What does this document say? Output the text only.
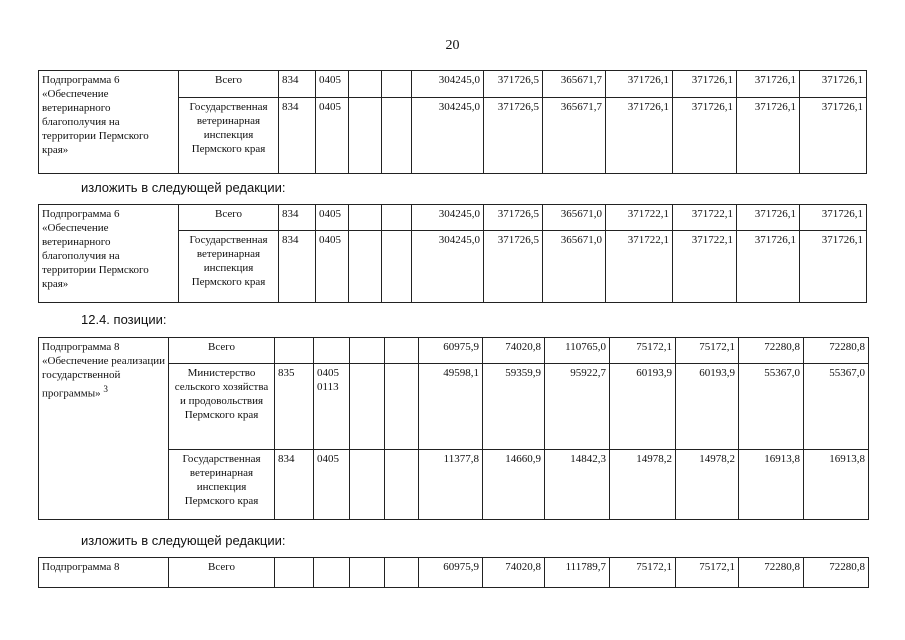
20
Подпрограмма 6 «Обеспечение ветеринарного благополучия на территории Пермского края»	Всего	834	0405			304245,0	371726,5	365671,7	371726,1	371726,1	371726,1	371726,1
	Государственная ветеринарная инспекция Пермского края	834	0405			304245,0	371726,5	365671,7	371726,1	371726,1	371726,1	371726,1
изложить в следующей редакции:
Подпрограмма 6 «Обеспечение ветеринарного благополучия на территории Пермского края»	Всего	834	0405			304245,0	371726,5	365671,0	371722,1	371722,1	371726,1	371726,1
	Государственная ветеринарная инспекция Пермского края	834	0405			304245,0	371726,5	365671,0	371722,1	371722,1	371726,1	371726,1
12.4. позиции:
Подпрограмма 8 «Обеспечение реализации государственной программы» $^3$	Всего					60975,9	74020,8	110765,0	75172,1	75172,1	72280,8	72280,8
	Министерство сельского хозяйства и продовольствия Пермского края	835	0405 0113			49598,1	59359,9	95922,7	60193,9	60193,9	55367,0	55367,0
	Государственная ветеринарная инспекция Пермского края	834	0405			11377,8	14660,9	14842,3	14978,2	14978,2	16913,8	16913,8
изложить в следующей редакции:
Подпрограмма 8	Всего					60975,9	74020,8	111789,7	75172,1	75172,1	72280,8	72280,8
